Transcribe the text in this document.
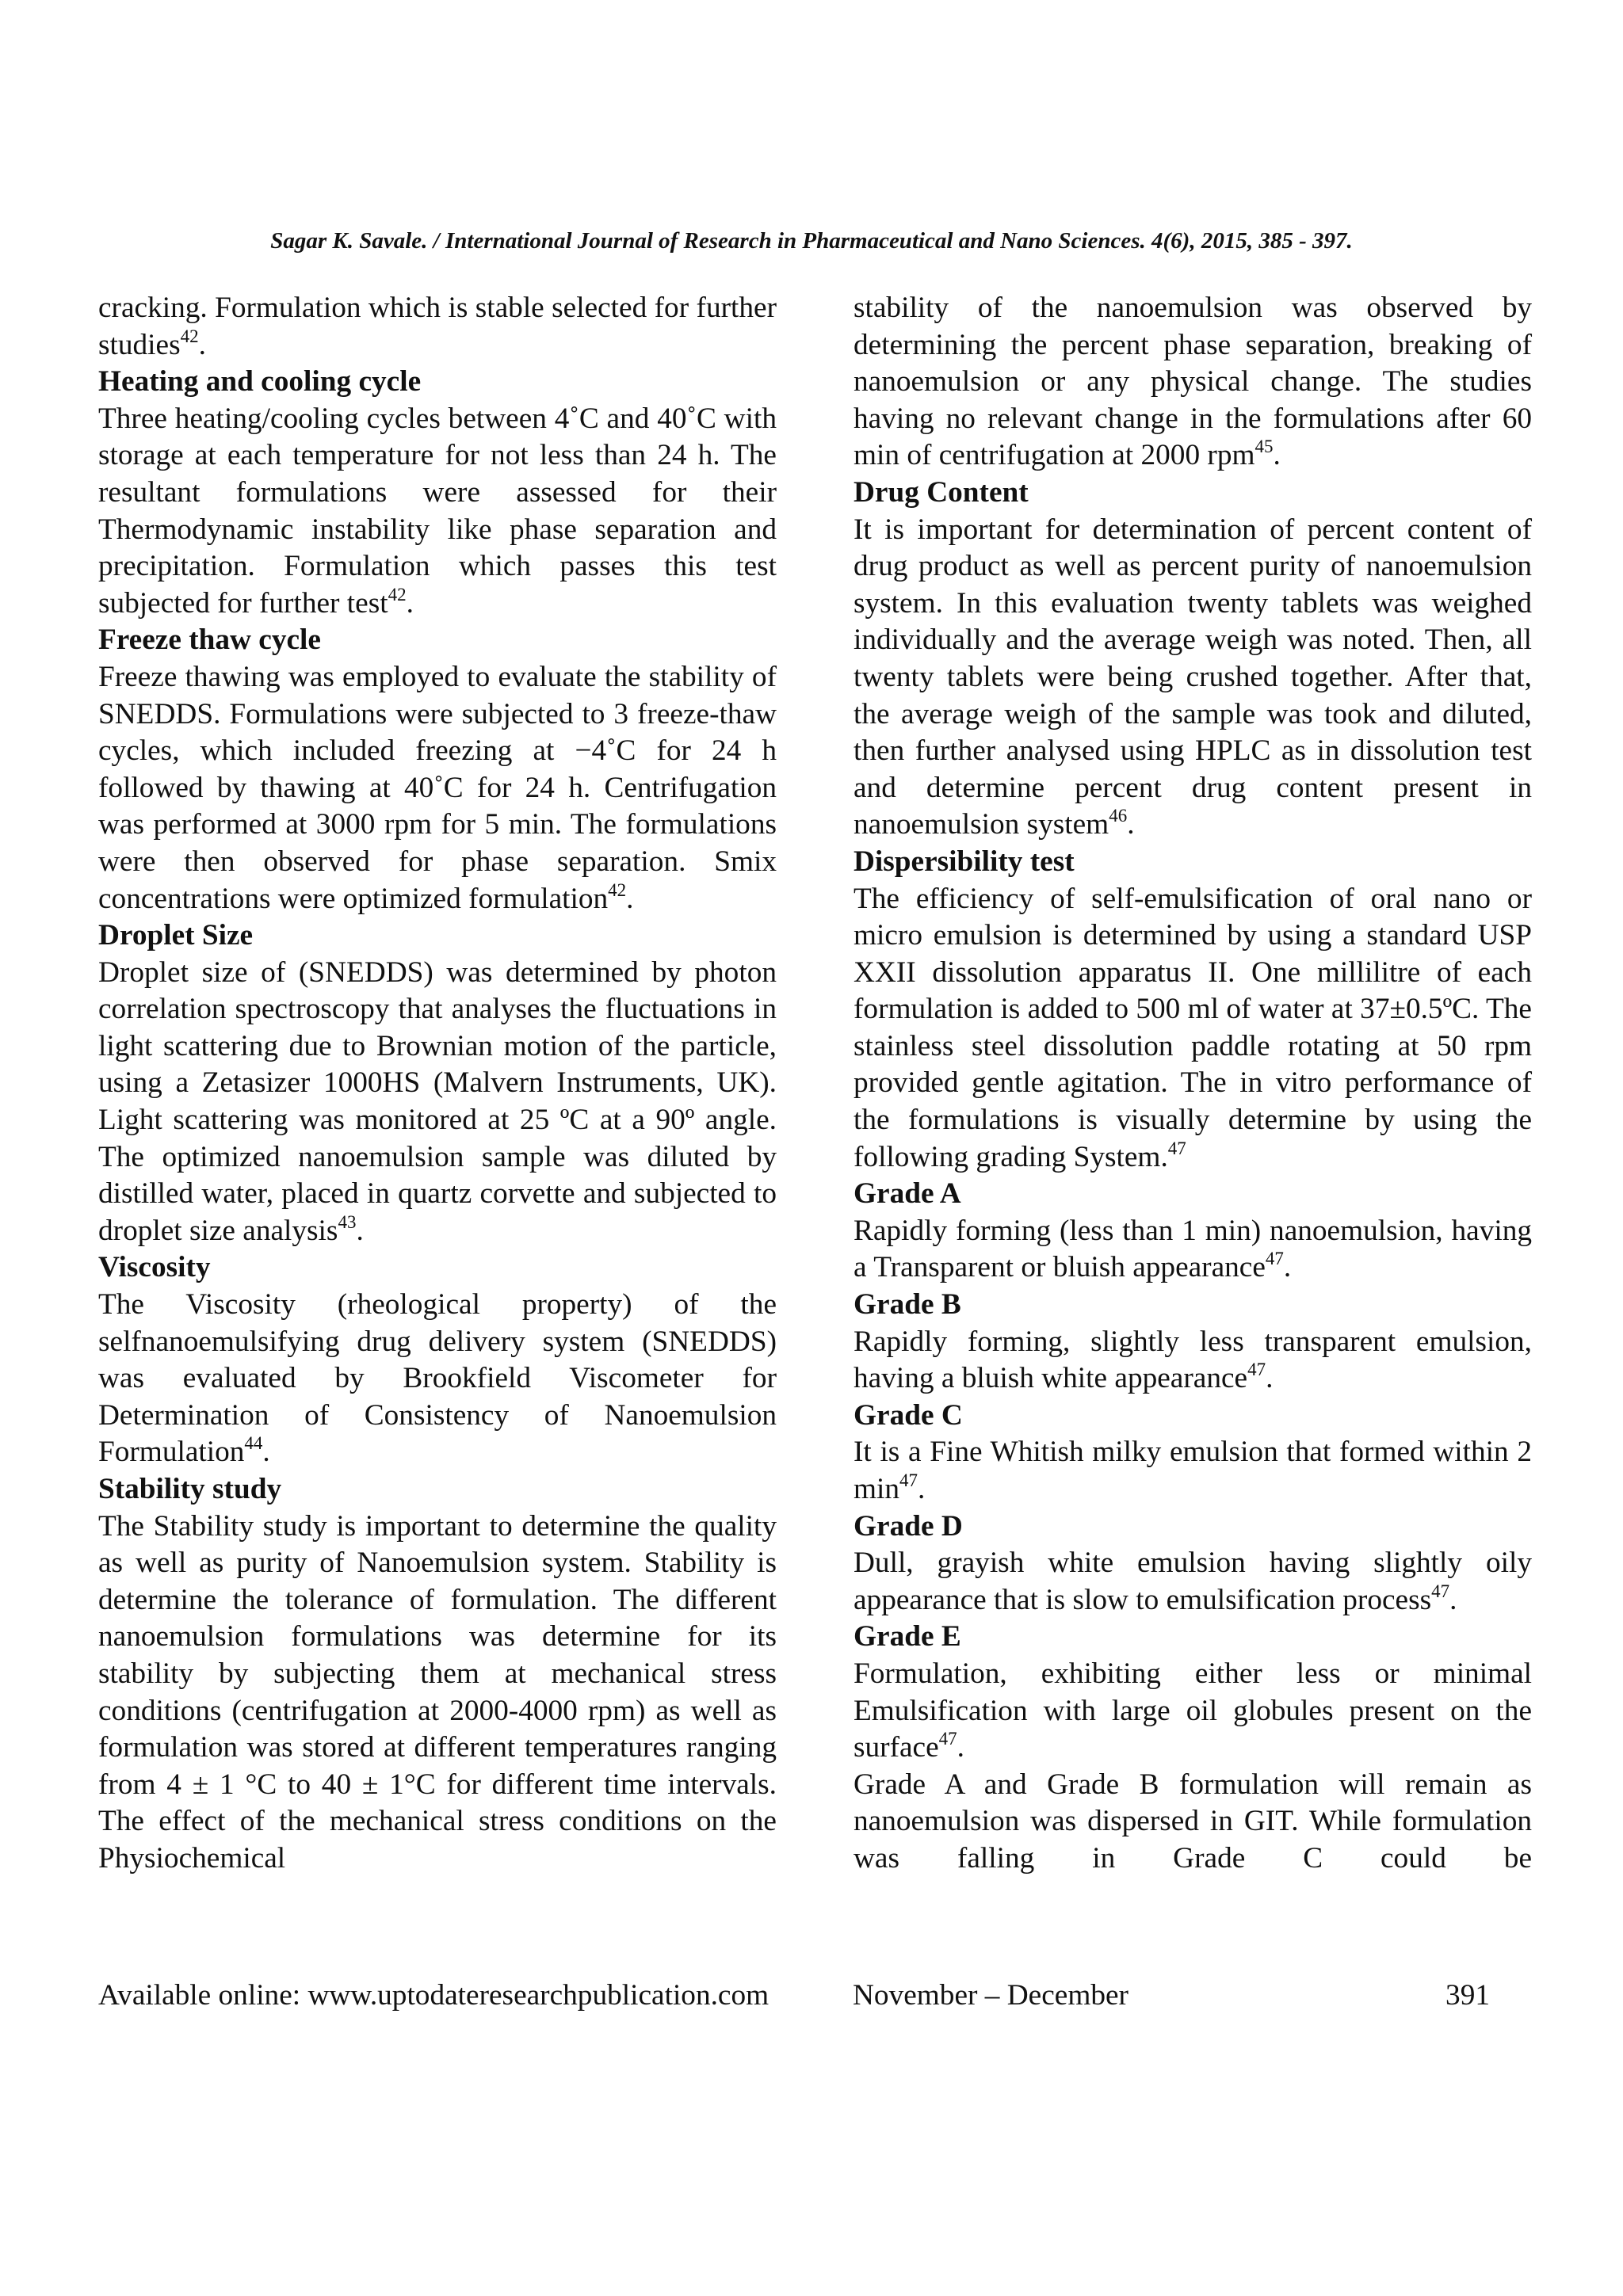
Sagar K. Savale. / International Journal of Research in Pharmaceutical and Nano Sciences. 4(6), 2015, 385 - 397.

cracking. Formulation which is stable selected for further studies$^{42}$.

Heating and cooling cycle

Three heating/cooling cycles between 4˚C and 40˚C with storage at each temperature for not less than 24 h. The resultant formulations were assessed for their Thermodynamic instability like phase separation and precipitation. Formulation which passes this test subjected for further test$^{42}$.

Freeze thaw cycle

Freeze thawing was employed to evaluate the stability of SNEDDS. Formulations were subjected to 3 freeze-thaw cycles, which included freezing at −4˚C for 24 h followed by thawing at 40˚C for 24 h. Centrifugation was performed at 3000 rpm for 5 min. The formulations were then observed for phase separation. Smix concentrations were optimized formulation$^{42}$.

Droplet Size

Droplet size of (SNEDDS) was determined by photon correlation spectroscopy that analyses the fluctuations in light scattering due to Brownian motion of the particle, using a Zetasizer 1000HS (Malvern Instruments, UK). Light scattering was monitored at 25 ºC at a 90º angle. The optimized nanoemulsion sample was diluted by distilled water, placed in quartz corvette and subjected to droplet size analysis$^{43}$.

Viscosity

The Viscosity (rheological property) of the selfnanoemulsifying drug delivery system (SNEDDS) was evaluated by Brookfield Viscometer for Determination of Consistency of Nanoemulsion Formulation$^{44}$.

Stability study

The Stability study is important to determine the quality as well as purity of Nanoemulsion system. Stability is determine the tolerance of formulation. The different nanoemulsion formulations was determine for its stability by subjecting them at mechanical stress conditions (centrifugation at 2000-4000 rpm) as well as formulation was stored at different temperatures ranging from 4 ± 1 °C to 40 ± 1°C for different time intervals. The effect of the mechanical stress conditions on the Physiochemical

stability of the nanoemulsion was observed by determining the percent phase separation, breaking of nanoemulsion or any physical change. The studies having no relevant change in the formulations after 60 min of centrifugation at 2000 rpm$^{45}$.

Drug Content

It is important for determination of percent content of drug product as well as percent purity of nanoemulsion system. In this evaluation twenty tablets was weighed individually and the average weigh was noted. Then, all twenty tablets were being crushed together. After that, the average weigh of the sample was took and diluted, then further analysed using HPLC as in dissolution test and determine percent drug content present in nanoemulsion system$^{46}$.

Dispersibility test

The efficiency of self-emulsification of oral nano or micro emulsion is determined by using a standard USP XXII dissolution apparatus II. One millilitre of each formulation is added to 500 ml of water at 37±0.5ºC. The stainless steel dissolution paddle rotating at 50 rpm provided gentle agitation. The in vitro performance of the formulations is visually determine by using the following grading System.$^{47}$

Grade A

Rapidly forming (less than 1 min) nanoemulsion, having a Transparent or bluish appearance$^{47}$.

Grade B

Rapidly forming, slightly less transparent emulsion, having a bluish white appearance$^{47}$.

Grade C

It is a Fine Whitish milky emulsion that formed within 2 $\min^{47}$.

Grade D

Dull, grayish white emulsion having slightly oily appearance that is slow to emulsification process$^{47}$.

Grade E

Formulation, exhibiting either less or minimal Emulsification with large oil globules present on the surface$^{47}$.

Grade A and Grade B formulation will remain as nanoemulsion was dispersed in GIT. While formulation was falling in Grade C could be

Available online: www.uptodateresearchpublication.com	November – December	391
